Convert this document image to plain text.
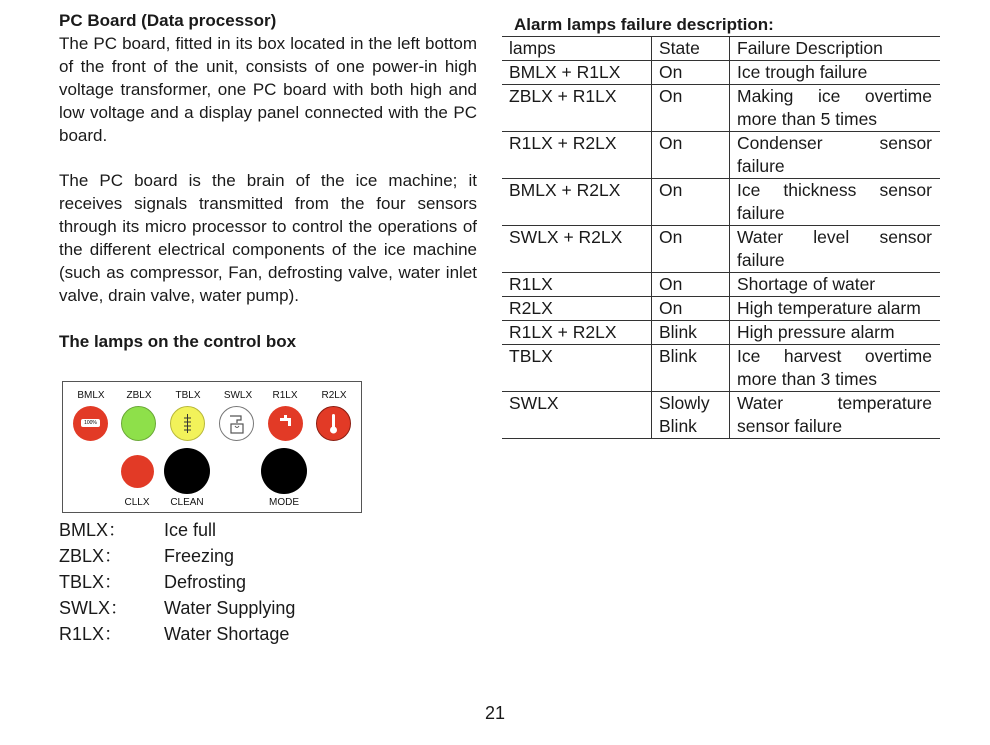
PC Board (Data processor)

The PC board, fitted in its box located in the left bottom of the front of the unit, consists of one power-in high voltage transformer, one PC board with both high and low voltage and a display panel connected with the PC board.

The PC board is the brain of the ice machine; it receives signals transmitted from the four sensors through its micro processor to control the operations of the different electrical components of the ice machine (such as compressor, Fan, defrosting valve, water inlet valve, drain valve, water pump).

The lamps on the control box

BMLX	ZBLX	TBLX	SWLX	R1LX	R2LX
100%
CLLX	CLEAN	MODE
BMLX： Ice full
ZBLX： Freezing
TBLX： Defrosting
SWLX： Water Supplying
R1LX： Water Shortage

Alarm lamps failure description:

lamps	State	Failure Description
BMLX + R1LX	On	Ice trough failure
ZBLX + R1LX	On	Making ice overtime more than 5 times
R1LX + R2LX	On	Condenser sensor failure
BMLX + R2LX	On	Ice thickness sensor failure
SWLX + R2LX	On	Water level sensor failure
R1LX	On	Shortage of water
R2LX	On	High temperature alarm
R1LX + R2LX	Blink	High pressure alarm
TBLX	Blink	Ice harvest overtime more than 3 times
SWLX	Slowly Blink	Water temperature sensor failure
21
